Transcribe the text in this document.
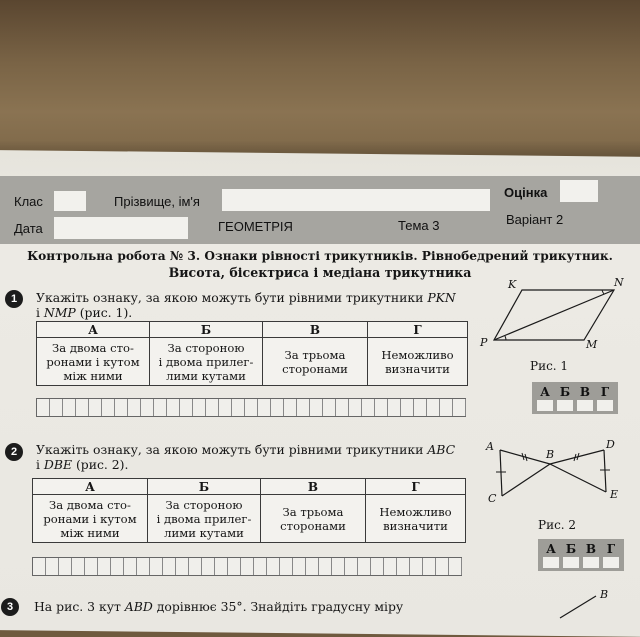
Клас	Прізвище, ім'я
Оцінка
Дата	ГЕОМЕТРІЯ	Тема 3	Варіант 2
Контрольна робота № 3. Ознаки рівності трикутників. Рівнобедрений трикутник.
Висота, бісектриса і медіана трикутника
1	Укажіть ознаку, за якою можуть бути рівними трикутники PKN
і NMP (рис. 1).
А	Б	В	Г
За двома сто-
ронами і кутом
між ними	За стороною
і двома прилег-
лими кутами	За трьома
сторонами	Неможливо
визначити
K	N
P	M
Рис. 1
А Б В Г
2	Укажіть ознаку, за якою можуть бути рівними трикутники ABC
і DBE (рис. 2).
А	Б	В	Г
За двома сто-
ронами і кутом
між ними	За стороною
і двома прилег-
лими кутами	За трьома
сторонами	Неможливо
визначити
A
B
D
C	E
Рис. 2
А Б В Г
3	На рис. 3 кут ABD дорівнює 35°. Знайдіть градусну міру
B
